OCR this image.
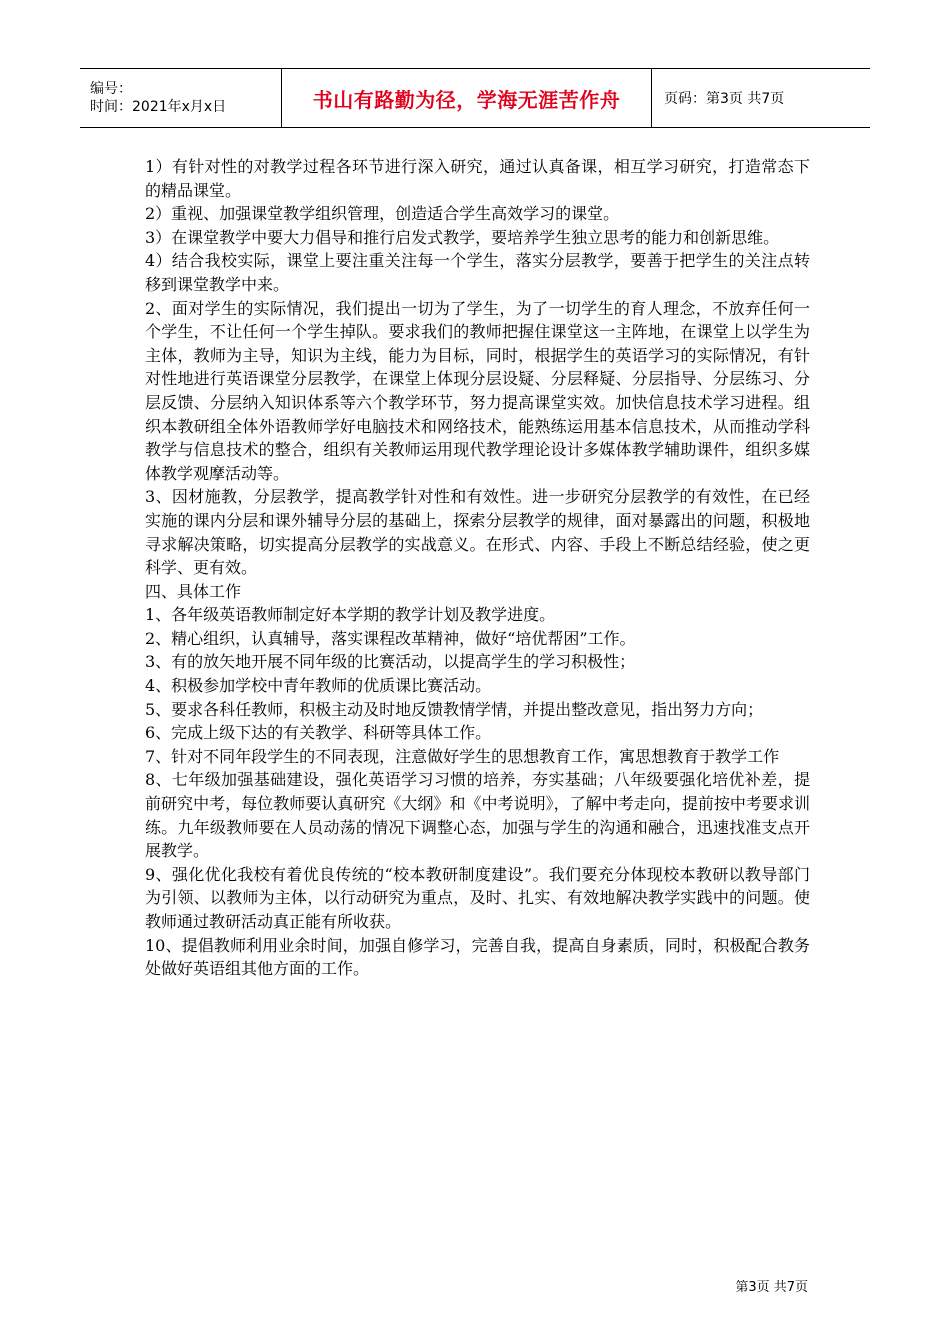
编号：
时间：2021年x月x日	书山有路勤为径，学海无涯苦作舟	页码：第3页 共7页

1）有针对性的对教学过程各环节进行深入研究，通过认真备课，相互学习研究，打造常态下的精品课堂。

2）重视、加强课堂教学组织管理，创造适合学生高效学习的课堂。

3）在课堂教学中要大力倡导和推行启发式教学，要培养学生独立思考的能力和创新思维。

4）结合我校实际，课堂上要注重关注每一个学生，落实分层教学，要善于把学生的关注点转移到课堂教学中来。

2、面对学生的实际情况，我们提出一切为了学生，为了一切学生的育人理念，不放弃任何一个学生，不让任何一个学生掉队。要求我们的教师把握住课堂这一主阵地，在课堂上以学生为主体，教师为主导，知识为主线，能力为目标，同时，根据学生的英语学习的实际情况，有针对性地进行英语课堂分层教学，在课堂上体现分层设疑、分层释疑、分层指导、分层练习、分层反馈、分层纳入知识体系等六个教学环节，努力提高课堂实效。加快信息技术学习进程。组织本教研组全体外语教师学好电脑技术和网络技术，能熟练运用基本信息技术，从而推动学科教学与信息技术的整合，组织有关教师运用现代教学理论设计多媒体教学辅助课件，组织多媒体教学观摩活动等。

3、因材施教，分层教学，提高教学针对性和有效性。进一步研究分层教学的有效性，在已经实施的课内分层和课外辅导分层的基础上，探索分层教学的规律，面对暴露出的问题，积极地寻求解决策略，切实提高分层教学的实战意义。在形式、内容、手段上不断总结经验，使之更科学、更有效。

四、具体工作

1、各年级英语教师制定好本学期的教学计划及教学进度。

2、精心组织，认真辅导，落实课程改革精神，做好“培优帮困”工作。

3、有的放矢地开展不同年级的比赛活动，以提高学生的学习积极性；

4、积极参加学校中青年教师的优质课比赛活动。

5、要求各科任教师，积极主动及时地反馈教情学情，并提出整改意见，指出努力方向；

6、完成上级下达的有关教学、科研等具体工作。

7、针对不同年段学生的不同表现，注意做好学生的思想教育工作，寓思想教育于教学工作

8、七年级加强基础建设，强化英语学习习惯的培养，夯实基础；八年级要强化培优补差，提前研究中考，每位教师要认真研究《大纲》和《中考说明》，了解中考走向，提前按中考要求训练。九年级教师要在人员动荡的情况下调整心态，加强与学生的沟通和融合，迅速找准支点开展教学。

9、强化优化我校有着优良传统的“校本教研制度建设”。我们要充分体现校本教研以教导部门为引领、以教师为主体，以行动研究为重点，及时、扎实、有效地解决教学实践中的问题。使教师通过教研活动真正能有所收获。

10、提倡教师利用业余时间，加强自修学习，完善自我，提高自身素质，同时，积极配合教务处做好英语组其他方面的工作。

第3页 共7页
